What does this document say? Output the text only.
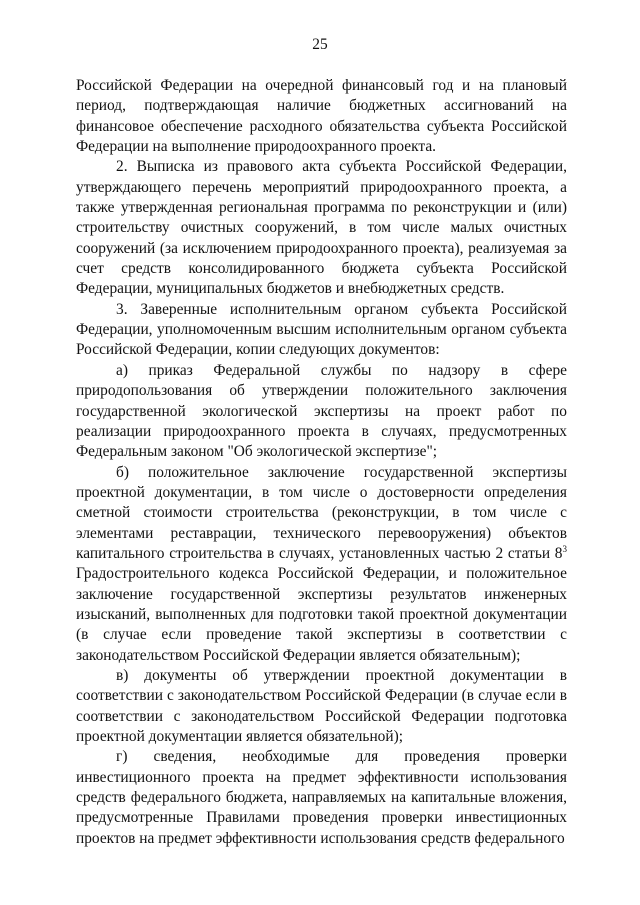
25

Российской Федерации на очередной финансовый год и на плановый период, подтверждающая наличие бюджетных ассигнований на финансовое обеспечение расходного обязательства субъекта Российской Федерации на выполнение природоохранного проекта.

2. Выписка из правового акта субъекта Российской Федерации, утверждающего перечень мероприятий природоохранного проекта, а также утвержденная региональная программа по реконструкции и (или) строительству очистных сооружений, в том числе малых очистных сооружений (за исключением природоохранного проекта), реализуемая за счет средств консолидированного бюджета субъекта Российской Федерации, муниципальных бюджетов и внебюджетных средств.

3. Заверенные исполнительным органом субъекта Российской Федерации, уполномоченным высшим исполнительным органом субъекта Российской Федерации, копии следующих документов:

а) приказ Федеральной службы по надзору в сфере природопользования об утверждении положительного заключения государственной экологической экспертизы на проект работ по реализации природоохранного проекта в случаях, предусмотренных Федеральным законом "Об экологической экспертизе";

б) положительное заключение государственной экспертизы проектной документации, в том числе о достоверности определения сметной стоимости строительства (реконструкции, в том числе с элементами реставрации, технического перевооружения) объектов капитального строительства в случаях, установленных частью 2 статьи $8^3$ Градостроительного кодекса Российской Федерации, и положительное заключение государственной экспертизы результатов инженерных изысканий, выполненных для подготовки такой проектной документации (в случае если проведение такой экспертизы в соответствии с законодательством Российской Федерации является обязательным);

в) документы об утверждении проектной документации в соответствии с законодательством Российской Федерации (в случае если в соответствии с законодательством Российской Федерации подготовка проектной документации является обязательной);

г) сведения, необходимые для проведения проверки инвестиционного проекта на предмет эффективности использования средств федерального бюджета, направляемых на капитальные вложения, предусмотренные Правилами проведения проверки инвестиционных проектов на предмет эффективности использования средств федерального
